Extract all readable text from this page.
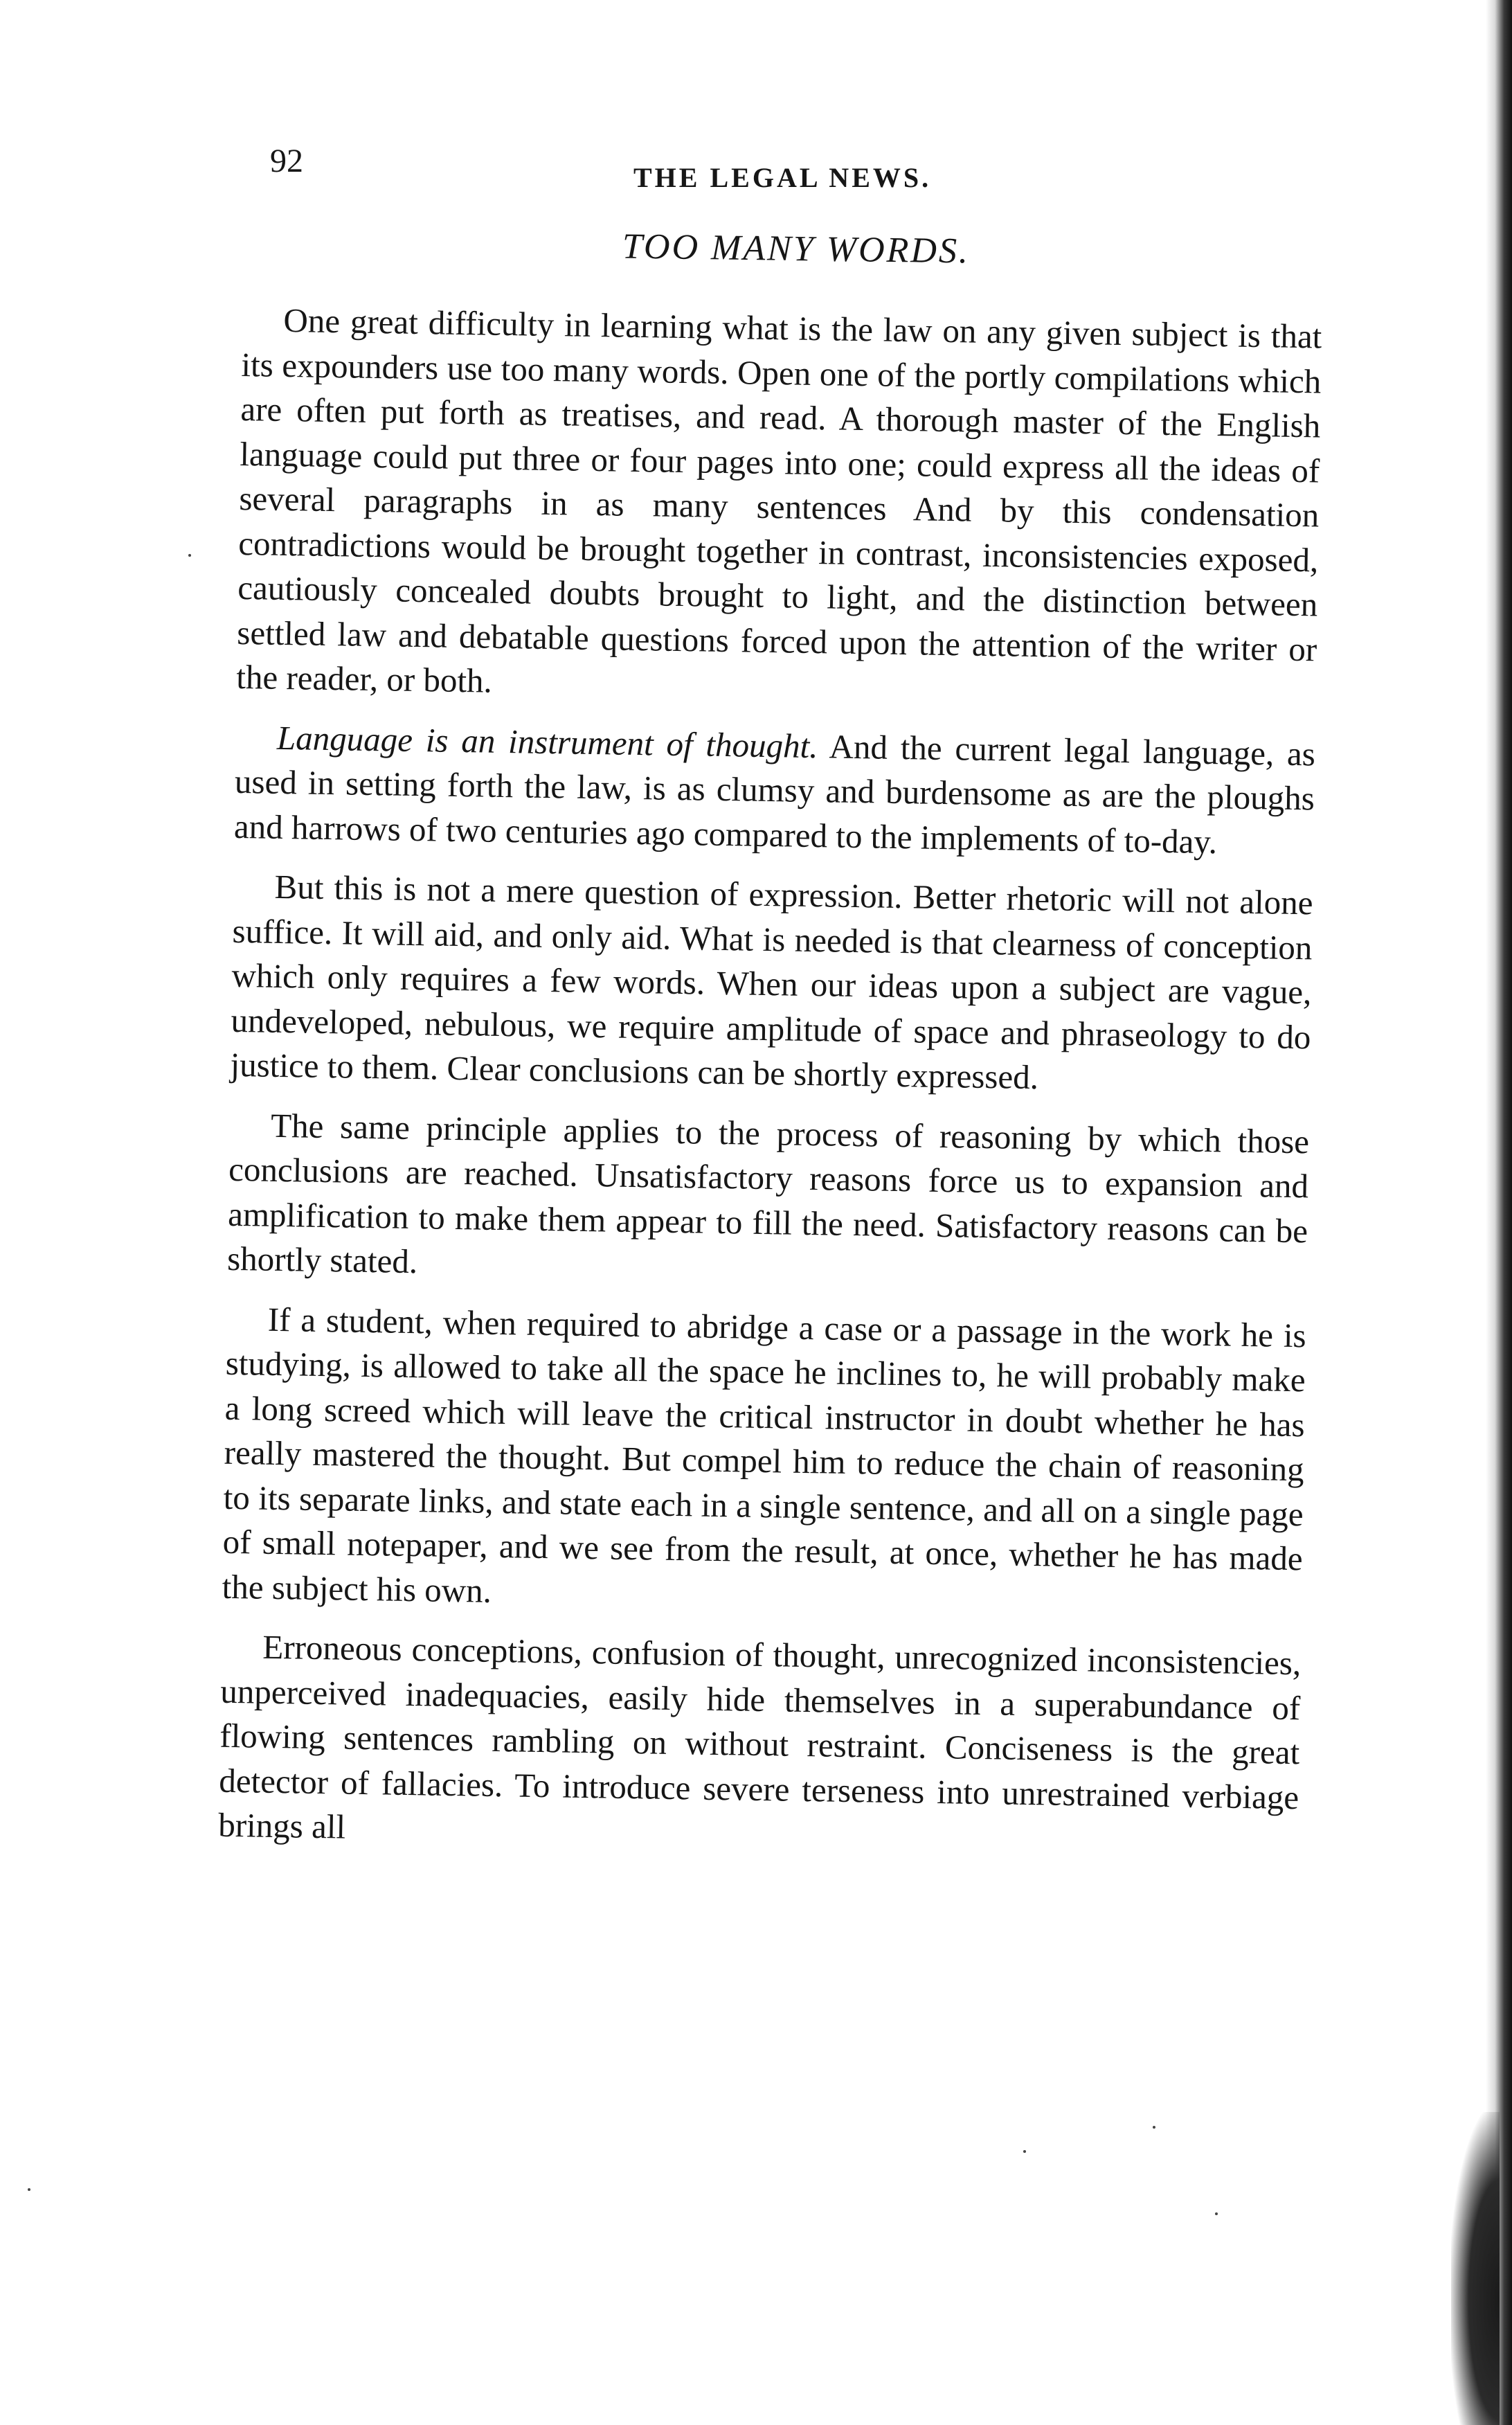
92	THE LEGAL NEWS.
TOO MANY WORDS.

One great difficulty in learning what is the law on any given subject is that its expounders use too many words. Open one of the portly compilations which are often put forth as treatises, and read. A thorough master of the English language could put three or four pages into one; could express all the ideas of several paragraphs in as many sentences And by this condensation contradictions would be brought together in contrast, inconsistencies exposed, cautiously concealed doubts brought to light, and the distinction between settled law and debatable questions forced upon the attention of the writer or the reader, or both.

Language is an instrument of thought. And the current legal language, as used in setting forth the law, is as clumsy and burdensome as are the ploughs and harrows of two centuries ago compared to the implements of to-day.

But this is not a mere question of expression. Better rhetoric will not alone suffice. It will aid, and only aid. What is needed is that clearness of conception which only requires a few words. When our ideas upon a subject are vague, undeveloped, nebulous, we require amplitude of space and phraseology to do justice to them. Clear conclusions can be shortly expressed.

The same principle applies to the process of reasoning by which those conclusions are reached. Unsatisfactory reasons force us to expansion and amplification to make them appear to fill the need. Satisfactory reasons can be shortly stated.

If a student, when required to abridge a case or a passage in the work he is studying, is allowed to take all the space he inclines to, he will probably make a long screed which will leave the critical instructor in doubt whether he has really mastered the thought. But compel him to reduce the chain of reasoning to its separate links, and state each in a single sentence, and all on a single page of small notepaper, and we see from the result, at once, whether he has made the subject his own.

Erroneous conceptions, confusion of thought, unrecognized inconsistencies, unperceived inadequacies, easily hide themselves in a superabundance of flowing sentences rambling on without restraint. Conciseness is the great detector of fallacies. To introduce severe terseness into unrestrained verbiage brings all
